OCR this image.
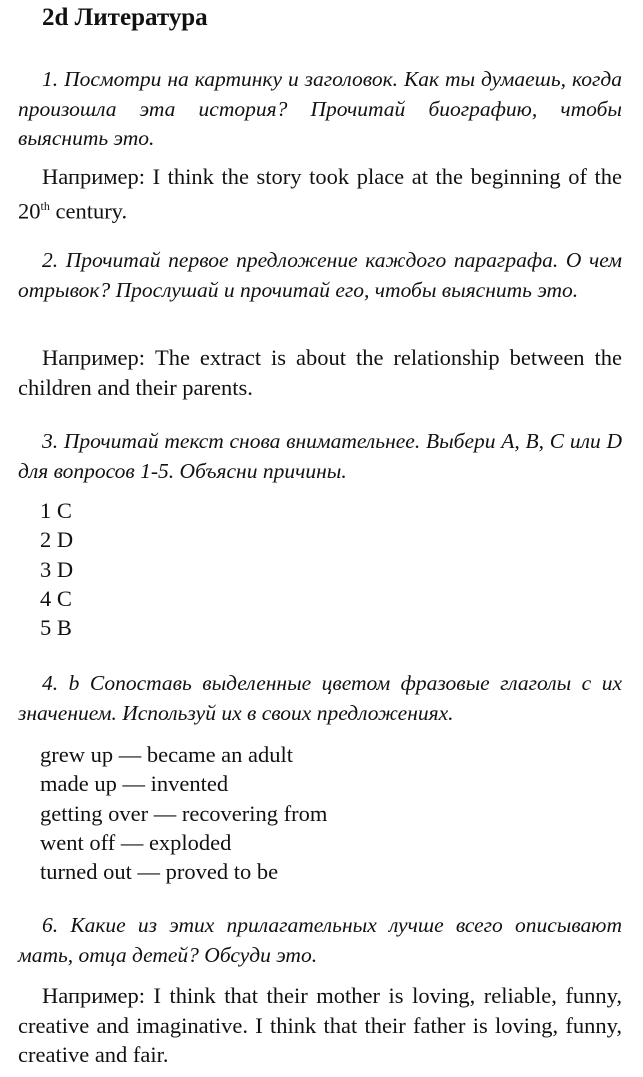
2d Литература
1. Посмотри на картинку и заголовок. Как ты думаешь, когда произошла эта история? Прочитай биографию, чтобы выяснить это.
Например: I think the story took place at the beginning of the 20th century.
2. Прочитай первое предложение каждого параграфа. О чем отрывок? Прослушай и прочитай его, чтобы выяснить это.
Например: The extract is about the relationship between the children and their parents.
3. Прочитай текст снова внимательнее. Выбери A, B, C или D для вопросов 1-5. Объясни причины.
1 C
2 D
3 D
4 C
5 B
4. b Сопоставь выделенные цветом фразовые глаголы с их значением. Используй их в своих предложениях.
grew up — became an adult
made up — invented
getting over — recovering from
went off — exploded
turned out — proved to be
6. Какие из этих прилагательных лучше всего описывают мать, отца детей? Обсуди это.
Например: I think that their mother is loving, reliable, funny, creative and imaginative. I think that their father is loving, funny, creative and fair.
